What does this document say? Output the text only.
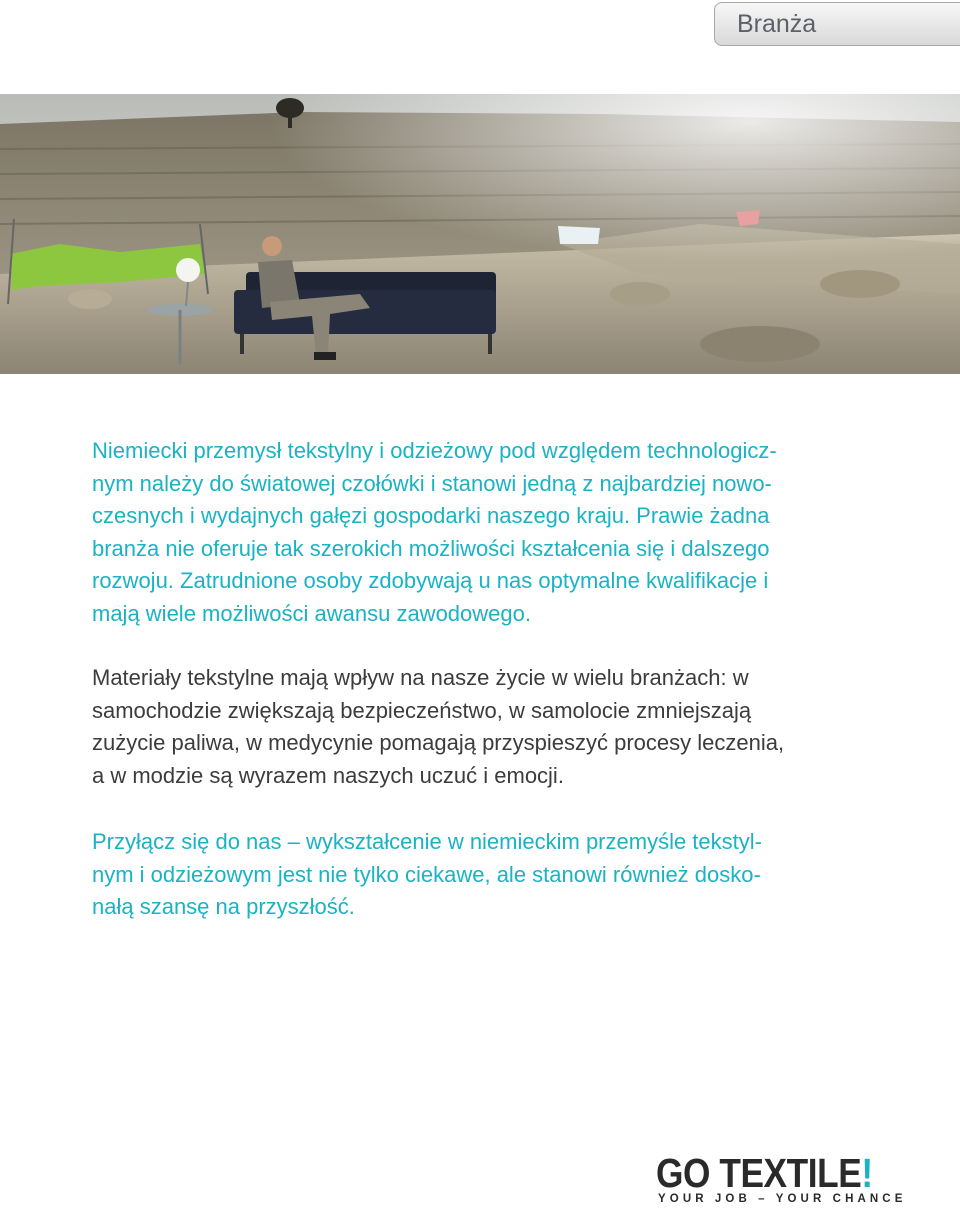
Branża
Niemiecki przemysł tekstylny i odzieżowy pod względem technologicz-
nym należy do światowej czołówki i stanowi jedną z najbardziej nowo-
czesnych i wydajnych gałęzi gospodarki naszego kraju. Prawie żadna
branża nie oferuje tak szerokich możliwości kształcenia się i dalszego
rozwoju. Zatrudnione osoby zdobywają u nas optymalne kwalifikacje i
mają wiele możliwości awansu zawodowego.
Materiały tekstylne mają wpływ na nasze życie w wielu branżach: w
samochodzie zwiększają bezpieczeństwo, w samolocie zmniejszają
zużycie paliwa, w medycynie pomagają przyspieszyć procesy leczenia,
a w modzie są wyrazem naszych uczuć i emocji.
Przyłącz się do nas – wykształcenie w niemieckim przemyśle tekstyl-
nym i odzieżowym jest nie tylko ciekawe, ale stanowi również dosko-
nałą szansę na przyszłość.
GO TEXTILE!
YOUR JOB – YOUR CHANCE
